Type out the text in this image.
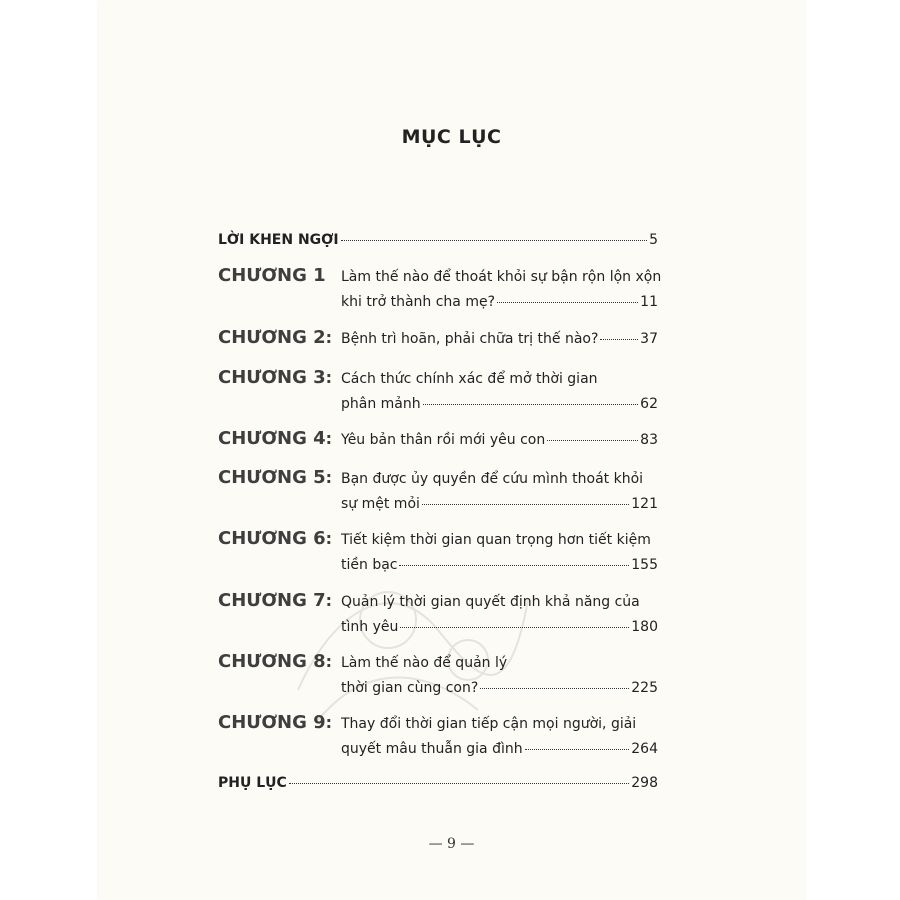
MỤC LỤC
LỜI KHEN NGỢI	5
CHƯƠNG 1	Làm thế nào để thoát khỏi sự bận rộn lộn xộn
khi trở thành cha mẹ?	11
CHƯƠNG 2: Bệnh trì hoãn, phải chữa trị thế nào?	37
CHƯƠNG 3: Cách thức chính xác để mở thời gian
phân mảnh	62
CHƯƠNG 4: Yêu bản thân rồi mới yêu con	83
CHƯƠNG 5: Bạn được ủy quyền để cứu mình thoát khỏi
sự mệt mỏi	121
CHƯƠNG 6: Tiết kiệm thời gian quan trọng hơn tiết kiệm
tiền bạc	155
CHƯƠNG 7: Quản lý thời gian quyết định khả năng của
tình yêu	180
CHƯƠNG 8: Làm thế nào để quản lý
thời gian cùng con?	225
CHƯƠNG 9: Thay đổi thời gian tiếp cận mọi người, giải
quyết mâu thuẫn gia đình	264
PHỤ LỤC	298
— 9 —
